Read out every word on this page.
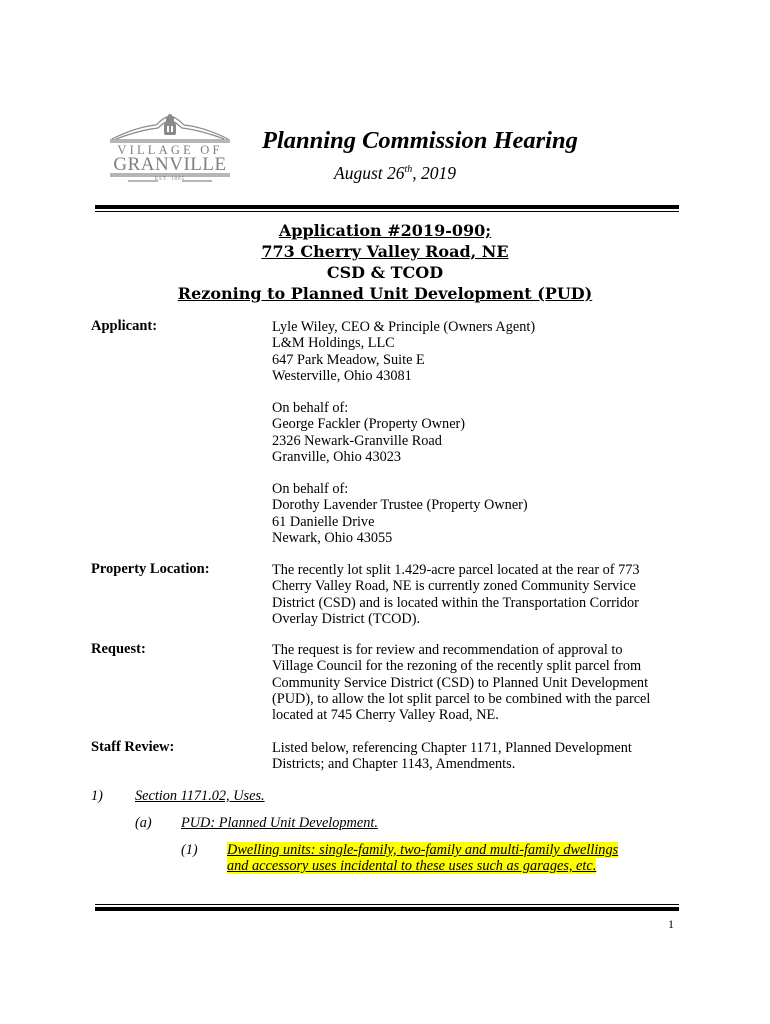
VILLAGE OF
GRANVILLE
EST. 1805
Planning Commission Hearing
August 26th, 2019
Application #2019-090;
773 Cherry Valley Road, NE
CSD & TCOD
Rezoning to Planned Unit Development (PUD)
Applicant:	Lyle Wiley, CEO & Principle (Owners Agent)
L&M Holdings, LLC
647 Park Meadow, Suite E
Westerville, Ohio 43081
On behalf of:
George Fackler (Property Owner)
2326 Newark-Granville Road
Granville, Ohio 43023
On behalf of:
Dorothy Lavender Trustee (Property Owner)
61 Danielle Drive
Newark, Ohio 43055
Property Location:	The recently lot split 1.429-acre parcel located at the rear of 773
Cherry Valley Road, NE is currently zoned Community Service
District (CSD) and is located within the Transportation Corridor
Overlay District (TCOD).
Request:	The request is for review and recommendation of approval to
Village Council for the rezoning of the recently split parcel from
Community Service District (CSD) to Planned Unit Development
(PUD), to allow the lot split parcel to be combined with the parcel
located at 745 Cherry Valley Road, NE.
Staff Review:	Listed below, referencing Chapter 1171, Planned Development
Districts; and Chapter 1143, Amendments.
1) Section 1171.02, Uses.
(a) PUD: Planned Unit Development.
(1) Dwelling units: single-family, two-family and multi-family dwellings
and accessory uses incidental to these uses such as garages, etc.
1
